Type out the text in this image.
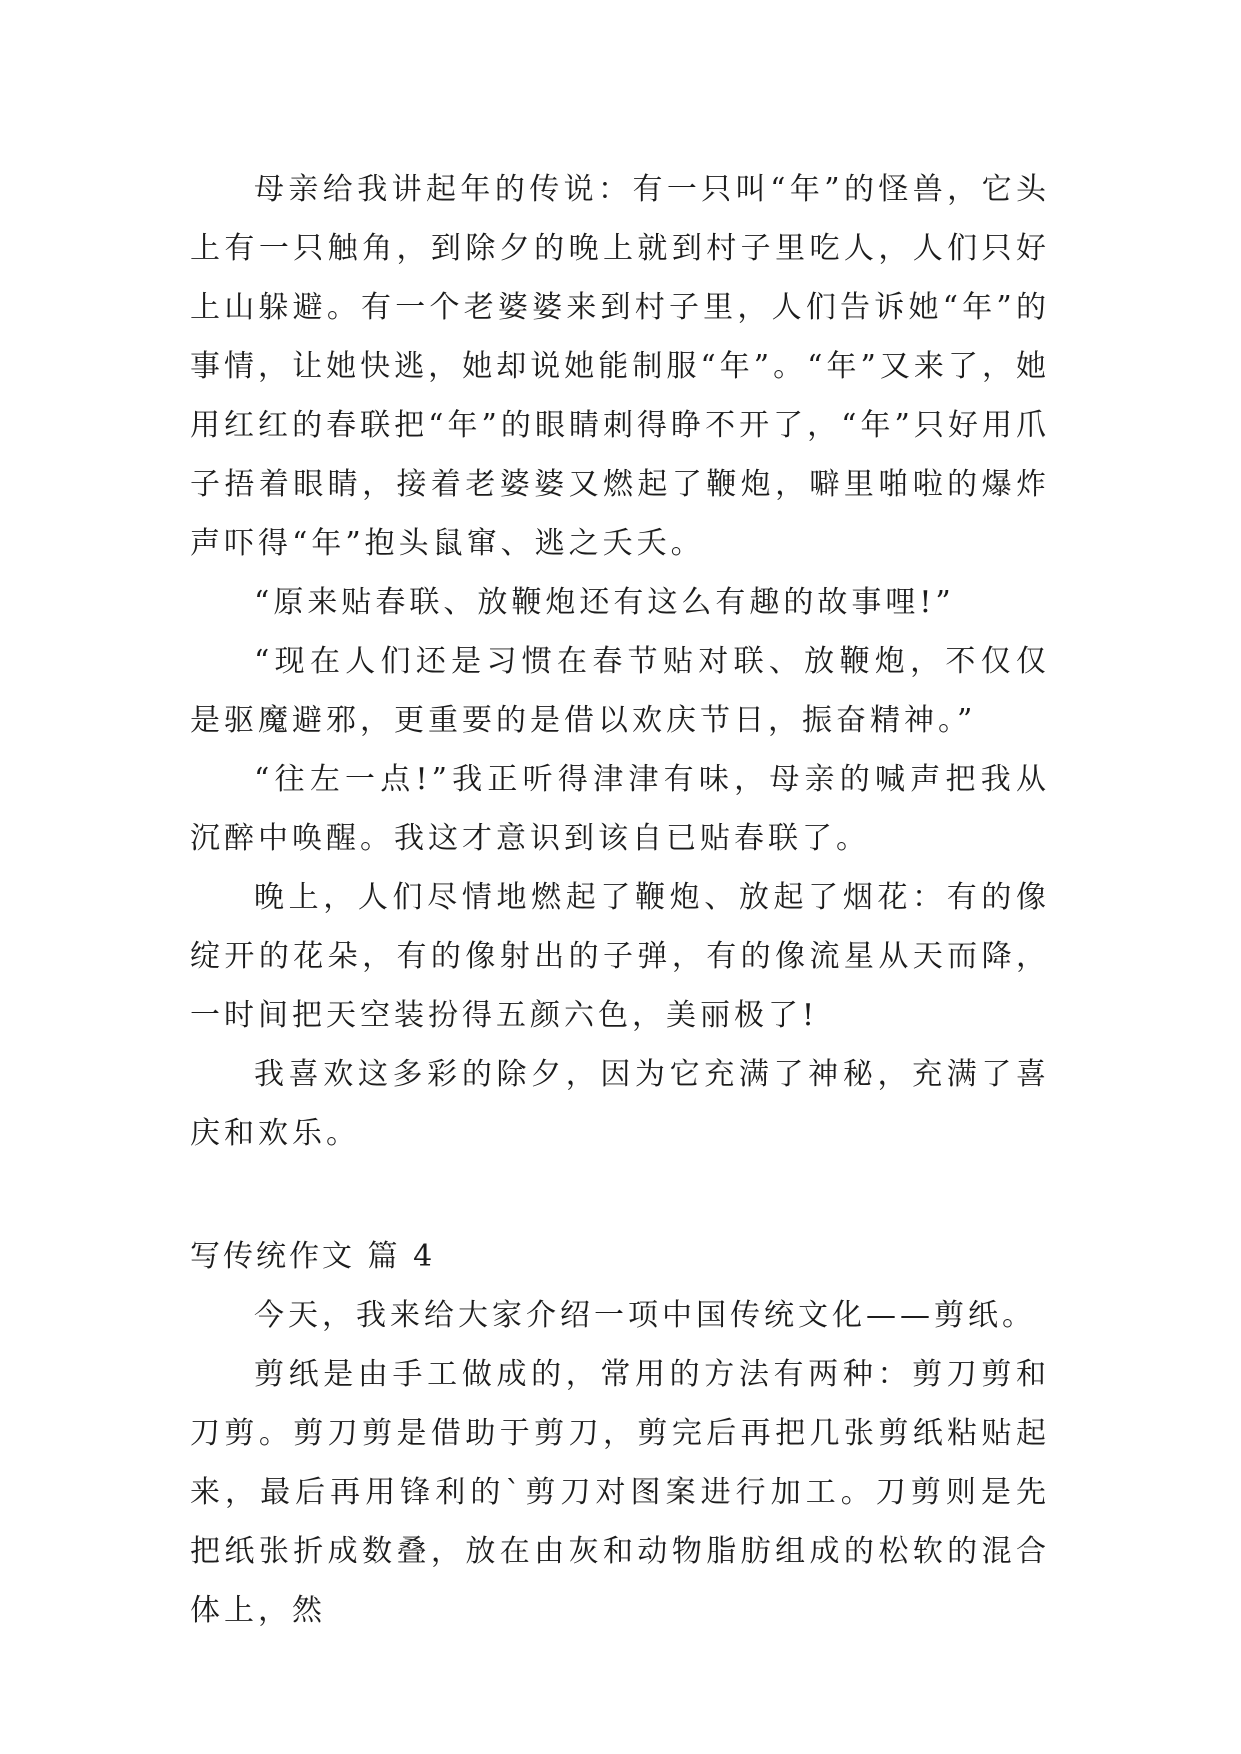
母亲给我讲起年的传说：有一只叫“年”的怪兽，它头上有一只触角，到除夕的晚上就到村子里吃人，人们只好上山躲避。有一个老婆婆来到村子里，人们告诉她“年”的事情，让她快逃，她却说她能制服“年”。“年”又来了，她用红红的春联把“年”的眼睛刺得睁不开了，“年”只好用爪子捂着眼睛，接着老婆婆又燃起了鞭炮，噼里啪啦的爆炸声吓得“年”抱头鼠窜、逃之夭夭。

“原来贴春联、放鞭炮还有这么有趣的故事哩!”

“现在人们还是习惯在春节贴对联、放鞭炮，不仅仅是驱魔避邪，更重要的是借以欢庆节日，振奋精神。”

“往左一点!”我正听得津津有味，母亲的喊声把我从沉醉中唤醒。我这才意识到该自已贴春联了。

晚上，人们尽情地燃起了鞭炮、放起了烟花：有的像绽开的花朵，有的像射出的子弹，有的像流星从天而降，一时间把天空装扮得五颜六色，美丽极了!

我喜欢这多彩的除夕，因为它充满了神秘，充满了喜庆和欢乐。

写传统作文 篇 4

今天，我来给大家介绍一项中国传统文化——剪纸。

剪纸是由手工做成的，常用的方法有两种：剪刀剪和刀剪。剪刀剪是借助于剪刀，剪完后再把几张剪纸粘贴起来，最后再用锋利的`剪刀对图案进行加工。刀剪则是先把纸张折成数叠，放在由灰和动物脂肪组成的松软的混合体上，然
